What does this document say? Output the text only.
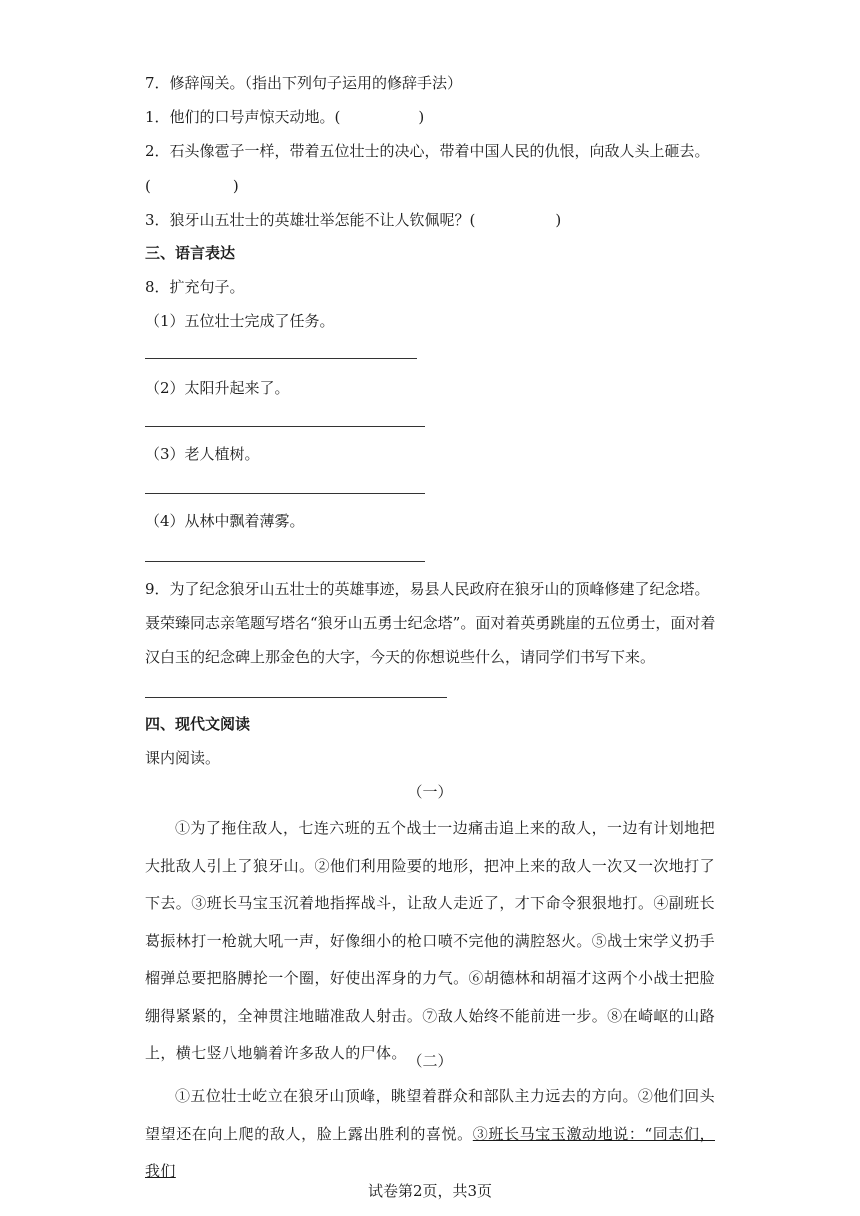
7．修辞闯关。（指出下列句子运用的修辞手法）
1．他们的口号声惊天动地。(	)
2．石头像雹子一样，带着五位壮士的决心，带着中国人民的仇恨，向敌人头上砸去。
(	)
3．狼牙山五壮士的英雄壮举怎能不让人钦佩呢？(	)
三、语言表达
8．扩充句子。
（1）五位壮士完成了任务。
（2）太阳升起来了。
（3）老人植树。
（4）从林中飘着薄雾。
9．为了纪念狼牙山五壮士的英雄事迹，易县人民政府在狼牙山的顶峰修建了纪念塔。
聂荣臻同志亲笔题写塔名“狼牙山五勇士纪念塔”。面对着英勇跳崖的五位勇士，面对着
汉白玉的纪念碑上那金色的大字，今天的你想说些什么，请同学们书写下来。
四、现代文阅读
课内阅读。
（一）
①为了拖住敌人，七连六班的五个战士一边痛击追上来的敌人，一边有计划地把大批敌人引上了狼牙山。②他们利用险要的地形，把冲上来的敌人一次又一次地打了下去。③班长马宝玉沉着地指挥战斗，让敌人走近了，才下命令狠狠地打。④副班长葛振林打一枪就大吼一声，好像细小的枪口喷不完他的满腔怒火。⑤战士宋学义扔手榴弹总要把胳膊抡一个圈，好使出浑身的力气。⑥胡德林和胡福才这两个小战士把脸绷得紧紧的，全神贯注地瞄准敌人射击。⑦敌人始终不能前进一步。⑧在崎岖的山路上，横七竖八地躺着许多敌人的尸体。 （二）
①五位壮士屹立在狼牙山顶峰，眺望着群众和部队主力远去的方向。②他们回头望望还在向上爬的敌人，脸上露出胜利的喜悦。③班长马宝玉激动地说：“同志们，我们
试卷第2页，共3页
